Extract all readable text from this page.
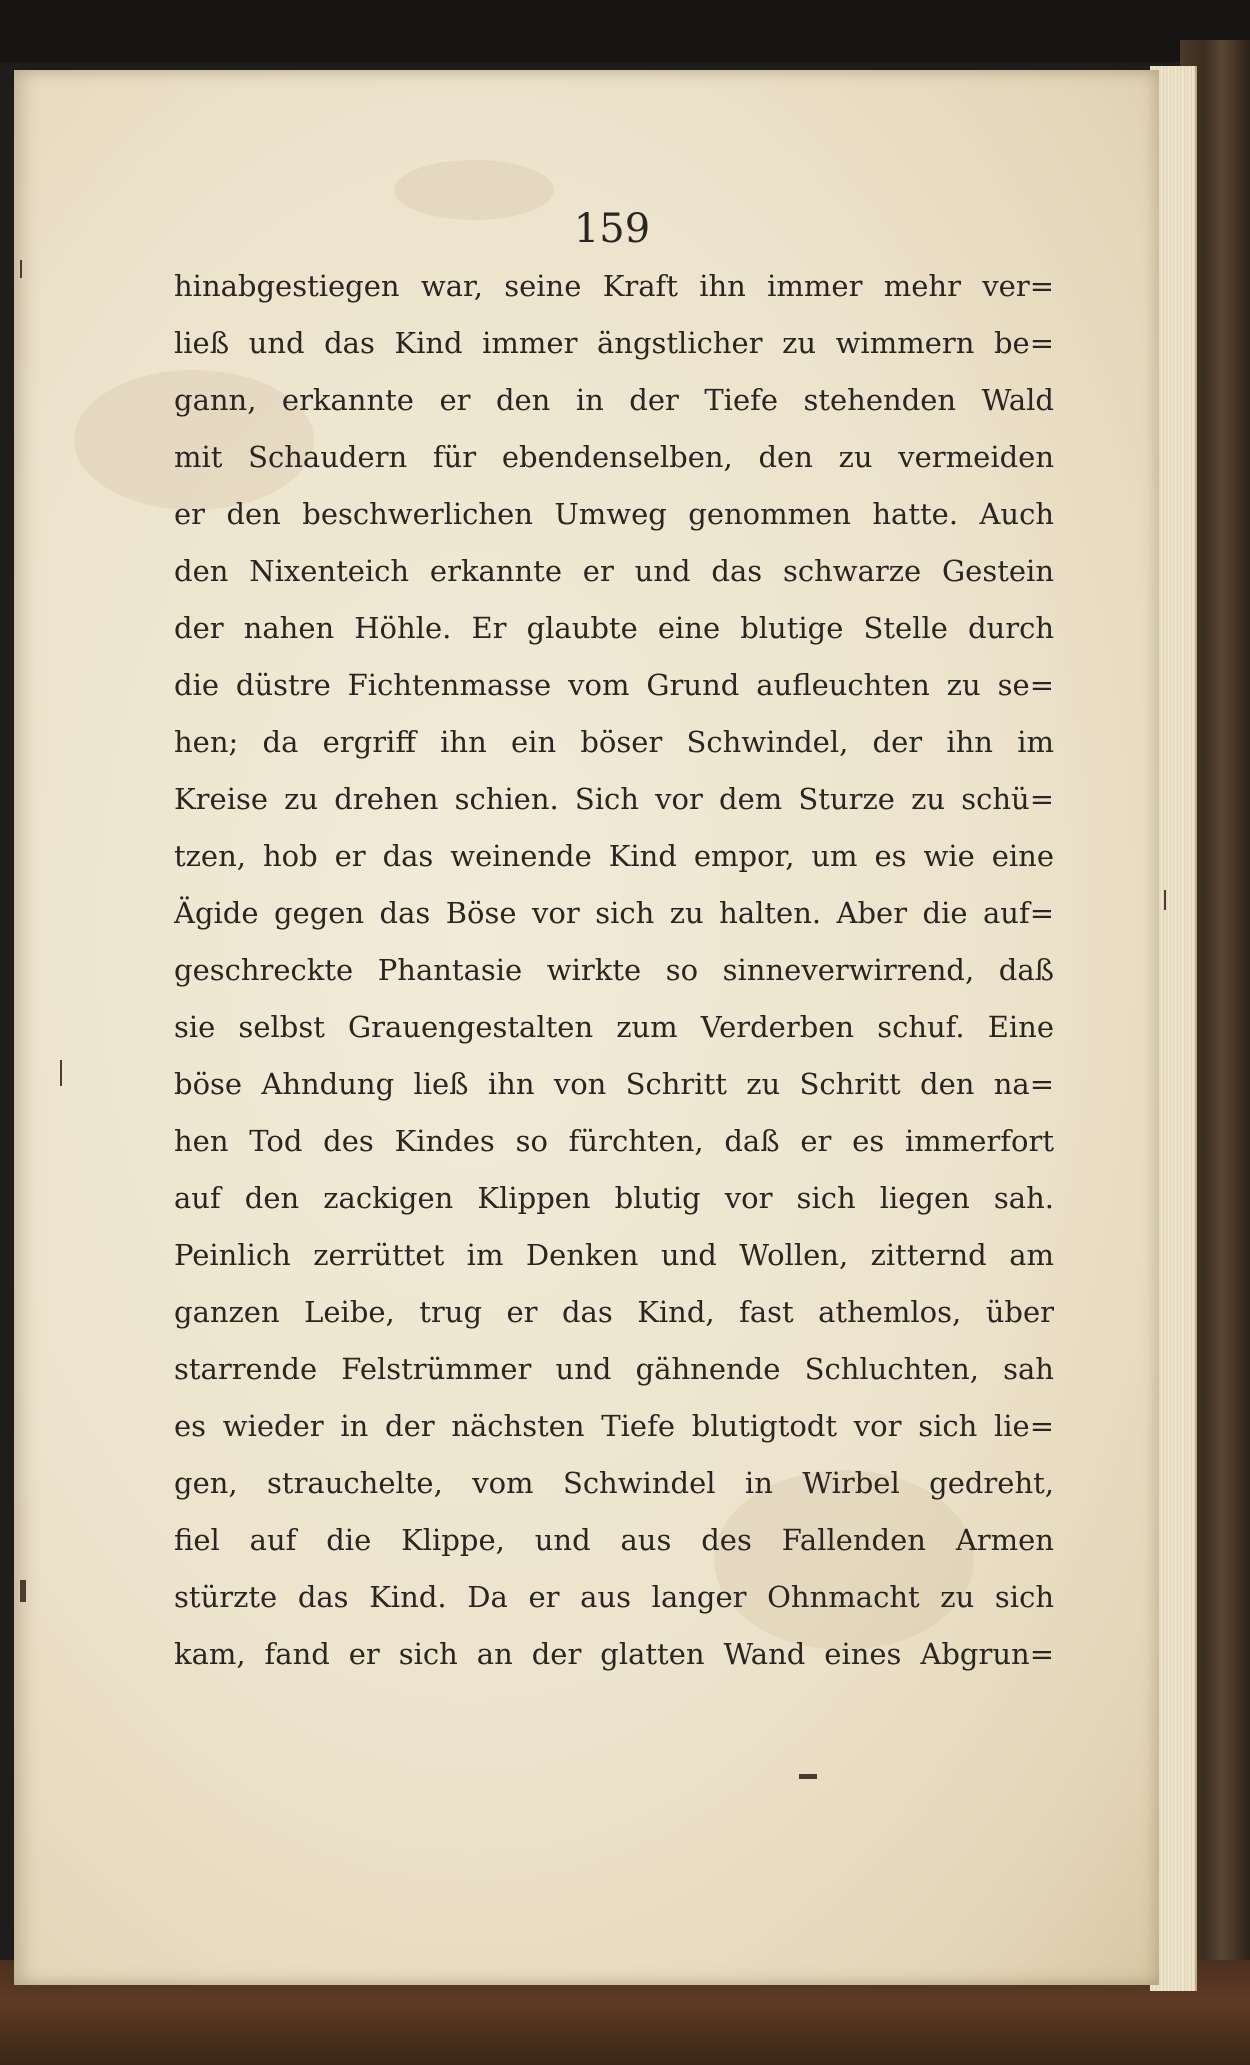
159
hinabgestiegen war, seine Kraft ihn immer mehr ver=
ließ und das Kind immer ängstlicher zu wimmern be=
gann, erkannte er den in der Tiefe stehenden Wald
mit Schaudern für ebendenselben, den zu vermeiden
er den beschwerlichen Umweg genommen hatte. Auch
den Nixenteich erkannte er und das schwarze Gestein
der nahen Höhle. Er glaubte eine blutige Stelle durch
die düstre Fichtenmasse vom Grund aufleuchten zu se=
hen; da ergriff ihn ein böser Schwindel, der ihn im
Kreise zu drehen schien. Sich vor dem Sturze zu schü=
tzen, hob er das weinende Kind empor, um es wie eine
Ägide gegen das Böse vor sich zu halten. Aber die auf=
geschreckte Phantasie wirkte so sinneverwirrend, daß
sie selbst Grauengestalten zum Verderben schuf. Eine
böse Ahndung ließ ihn von Schritt zu Schritt den na=
hen Tod des Kindes so fürchten, daß er es immerfort
auf den zackigen Klippen blutig vor sich liegen sah.
Peinlich zerrüttet im Denken und Wollen, zitternd am
ganzen Leibe, trug er das Kind, fast athemlos, über
starrende Felstrümmer und gähnende Schluchten, sah
es wieder in der nächsten Tiefe blutigtodt vor sich lie=
gen, strauchelte, vom Schwindel in Wirbel gedreht,
fiel auf die Klippe, und aus des Fallenden Armen
stürzte das Kind. Da er aus langer Ohnmacht zu sich
kam, fand er sich an der glatten Wand eines Abgrun=
